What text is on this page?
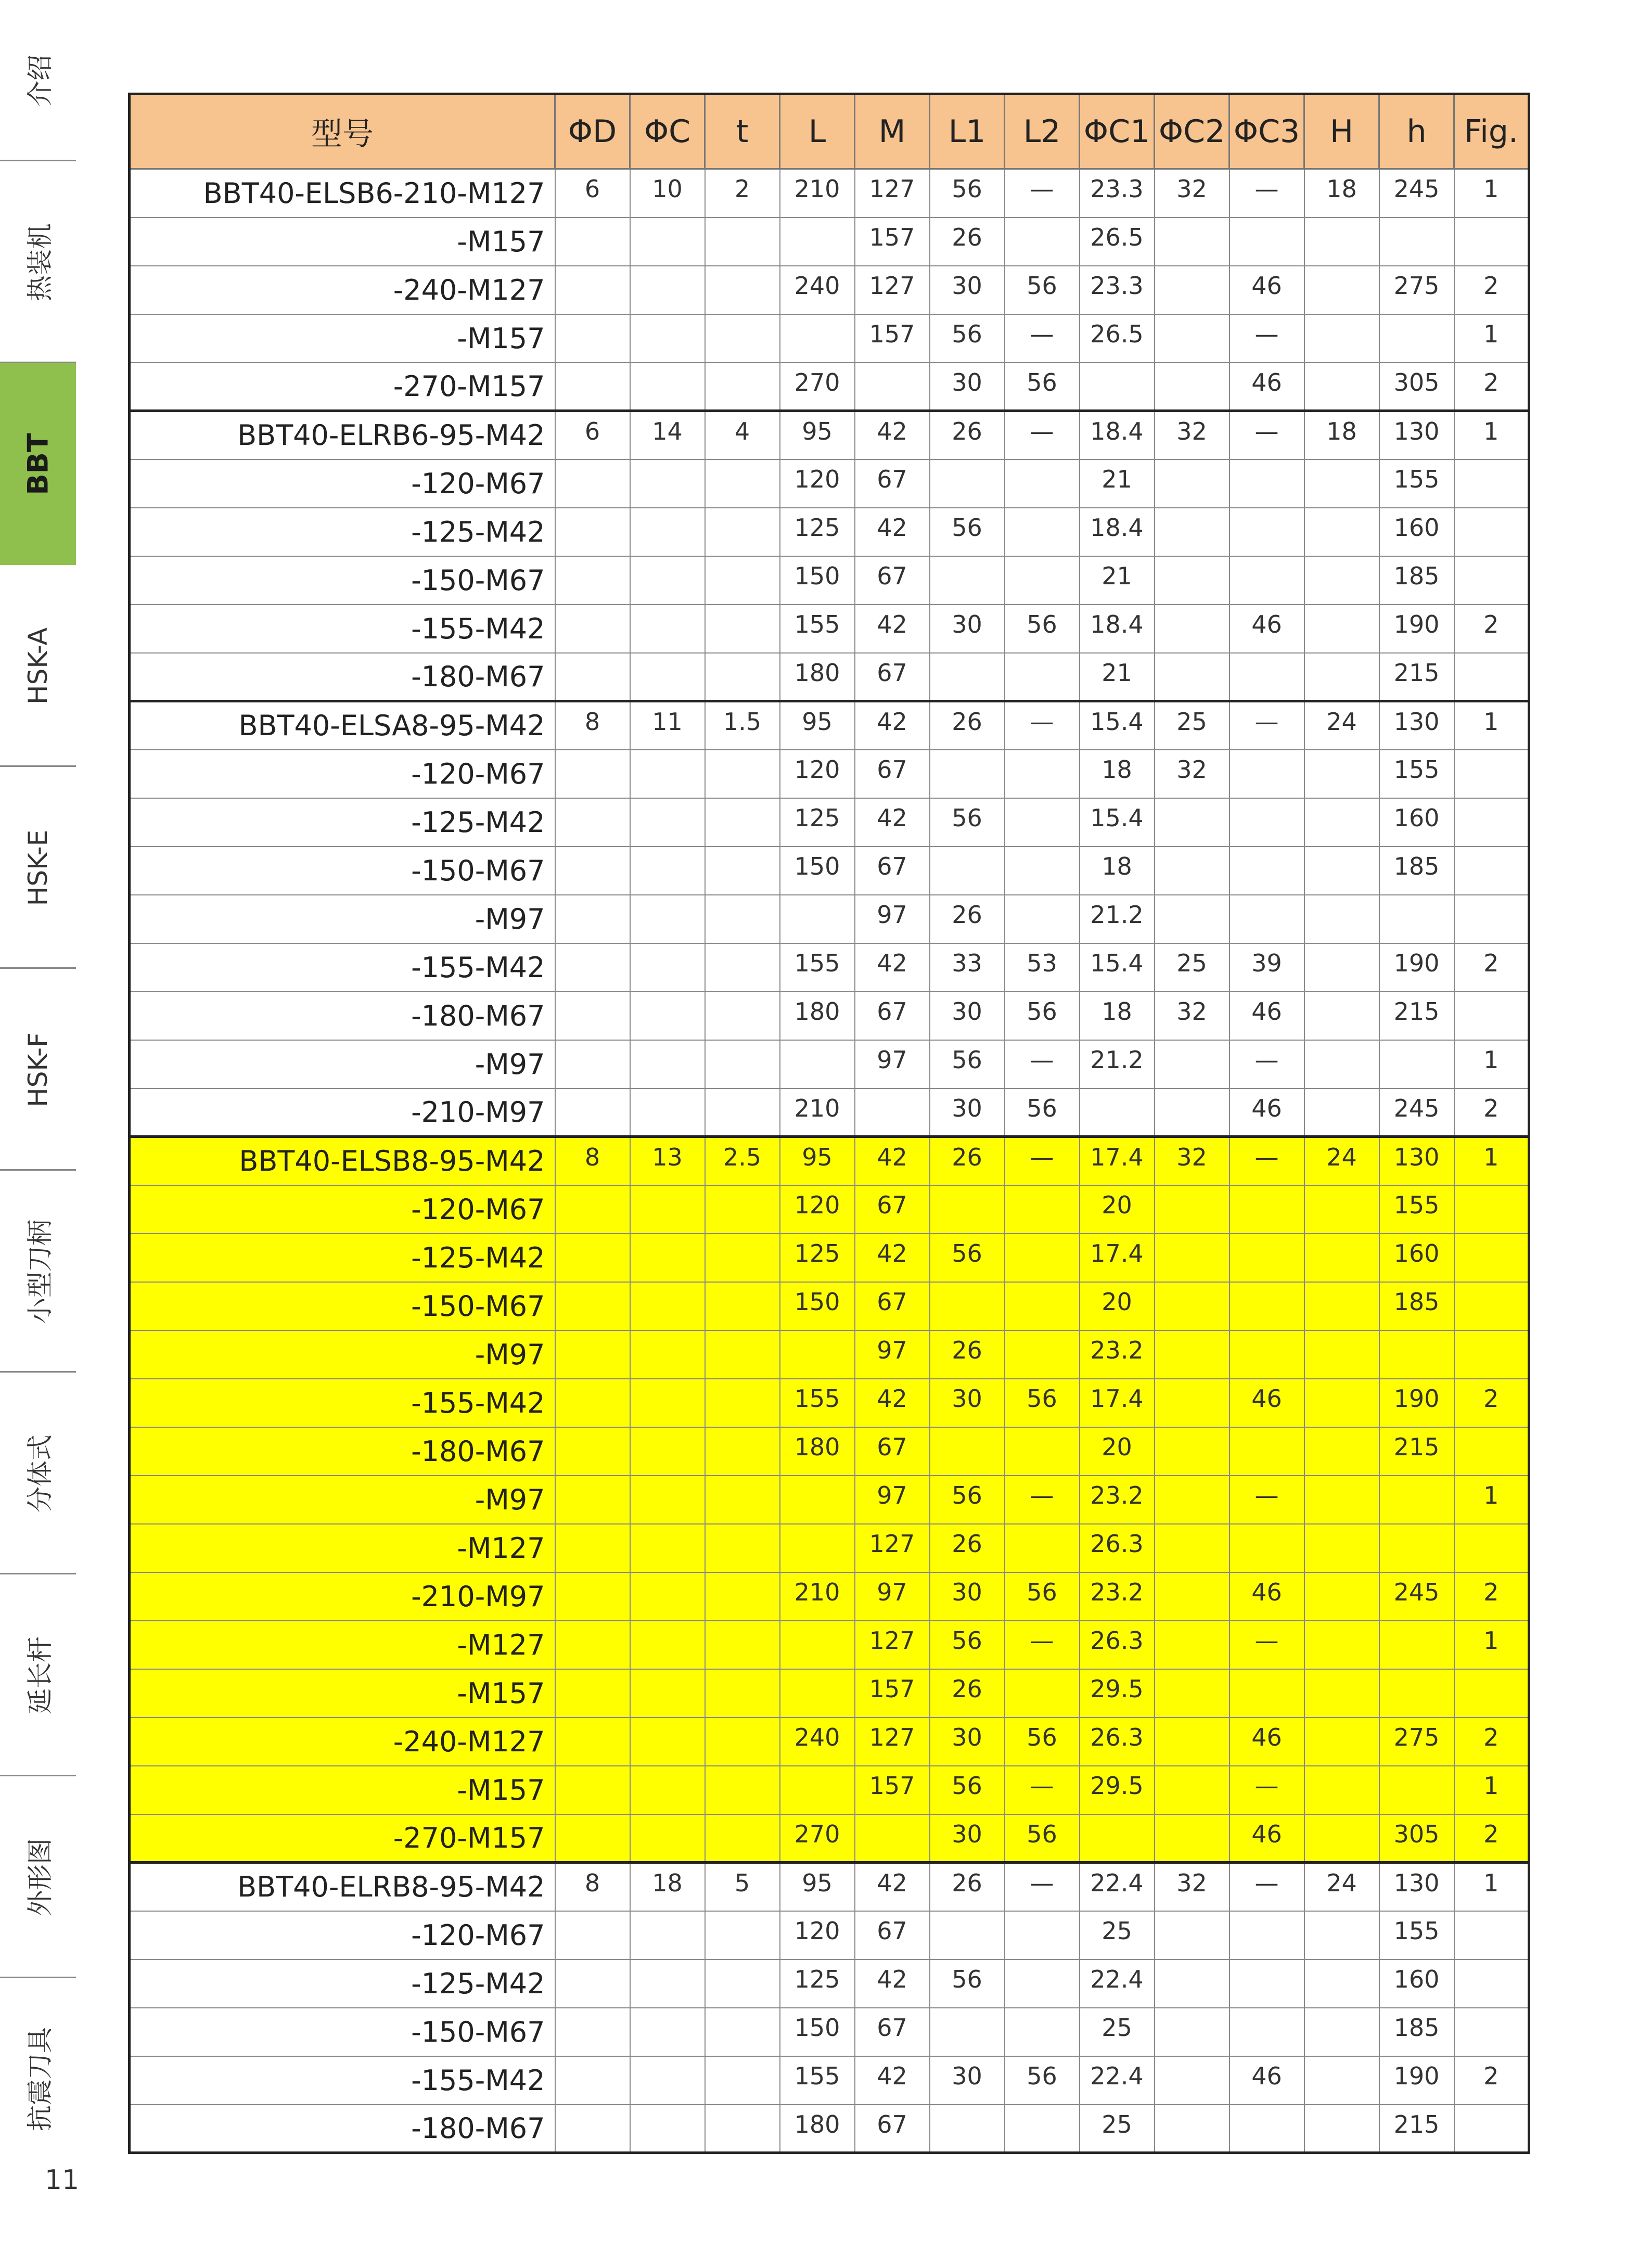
介绍
热装机
BBT
HSK-A
HSK-E
HSK-F
小型刀柄
分体式
延长杆
外形图
抗震刀具
11
型号	ΦD	ΦC	t	L	M	L1	L2	ΦC1	ΦC2	ΦC3	H	h	Fig.
BBT40-ELSB6-210-M127	6	10	2	210	127	56	—	23.3	32	—	18	245	1
-M157					157	26		26.5					
-240-M127				240	127	30	56	23.3		46		275	2
-M157					157	56	—	26.5		—			1
-270-M157				270		30	56			46		305	2
BBT40-ELRB6-95-M42	6	14	4	95	42	26	—	18.4	32	—	18	130	1
-120-M67				120	67			21				155	
-125-M42				125	42	56		18.4				160	
-150-M67				150	67			21				185	
-155-M42				155	42	30	56	18.4		46		190	2
-180-M67				180	67			21				215	
BBT40-ELSA8-95-M42	8	11	1.5	95	42	26	—	15.4	25	—	24	130	1
-120-M67				120	67			18	32			155	
-125-M42				125	42	56		15.4				160	
-150-M67				150	67			18				185	
-M97					97	26		21.2					
-155-M42				155	42	33	53	15.4	25	39		190	2
-180-M67				180	67	30	56	18	32	46		215	
-M97					97	56	—	21.2		—			1
-210-M97				210		30	56			46		245	2
BBT40-ELSB8-95-M42	8	13	2.5	95	42	26	—	17.4	32	—	24	130	1
-120-M67				120	67			20				155	
-125-M42				125	42	56		17.4				160	
-150-M67				150	67			20				185	
-M97					97	26		23.2					
-155-M42				155	42	30	56	17.4		46		190	2
-180-M67				180	67			20				215	
-M97					97	56	—	23.2		—			1
-M127					127	26		26.3					
-210-M97				210	97	30	56	23.2		46		245	2
-M127					127	56	—	26.3		—			1
-M157					157	26		29.5					
-240-M127				240	127	30	56	26.3		46		275	2
-M157					157	56	—	29.5		—			1
-270-M157				270		30	56			46		305	2
BBT40-ELRB8-95-M42	8	18	5	95	42	26	—	22.4	32	—	24	130	1
-120-M67				120	67			25				155	
-125-M42				125	42	56		22.4				160	
-150-M67				150	67			25				185	
-155-M42				155	42	30	56	22.4		46		190	2
-180-M67				180	67			25				215	
